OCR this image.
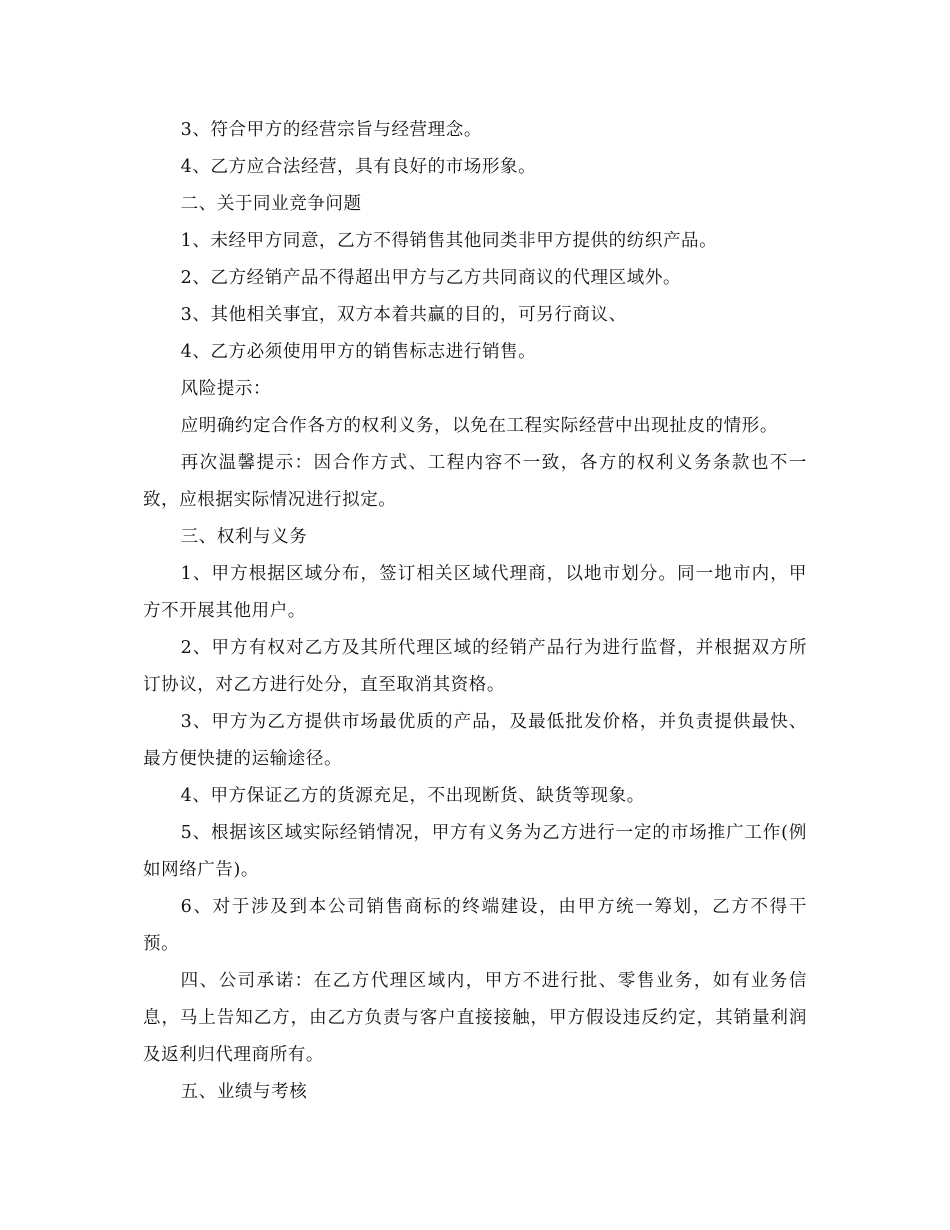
3、符合甲方的经营宗旨与经营理念。

4、乙方应合法经营，具有良好的市场形象。

二、关于同业竞争问题

1、未经甲方同意，乙方不得销售其他同类非甲方提供的纺织产品。

2、乙方经销产品不得超出甲方与乙方共同商议的代理区域外。

3、其他相关事宜，双方本着共赢的目的，可另行商议、

4、乙方必须使用甲方的销售标志进行销售。

风险提示：

应明确约定合作各方的权利义务，以免在工程实际经营中出现扯皮的情形。

再次温馨提示：因合作方式、工程内容不一致，各方的权利义务条款也不一致，应根据实际情况进行拟定。

三、权利与义务

1、甲方根据区域分布，签订相关区域代理商，以地市划分。同一地市内，甲方不开展其他用户。

2、甲方有权对乙方及其所代理区域的经销产品行为进行监督，并根据双方所订协议，对乙方进行处分，直至取消其资格。

3、甲方为乙方提供市场最优质的产品，及最低批发价格，并负责提供最快、最方便快捷的运输途径。

4、甲方保证乙方的货源充足，不出现断货、缺货等现象。

5、根据该区域实际经销情况，甲方有义务为乙方进行一定的市场推广工作(例如网络广告)。

6、对于涉及到本公司销售商标的终端建设，由甲方统一筹划，乙方不得干预。

四、公司承诺：在乙方代理区域内，甲方不进行批、零售业务，如有业务信息，马上告知乙方，由乙方负责与客户直接接触，甲方假设违反约定，其销量利润及返利归代理商所有。

五、业绩与考核
